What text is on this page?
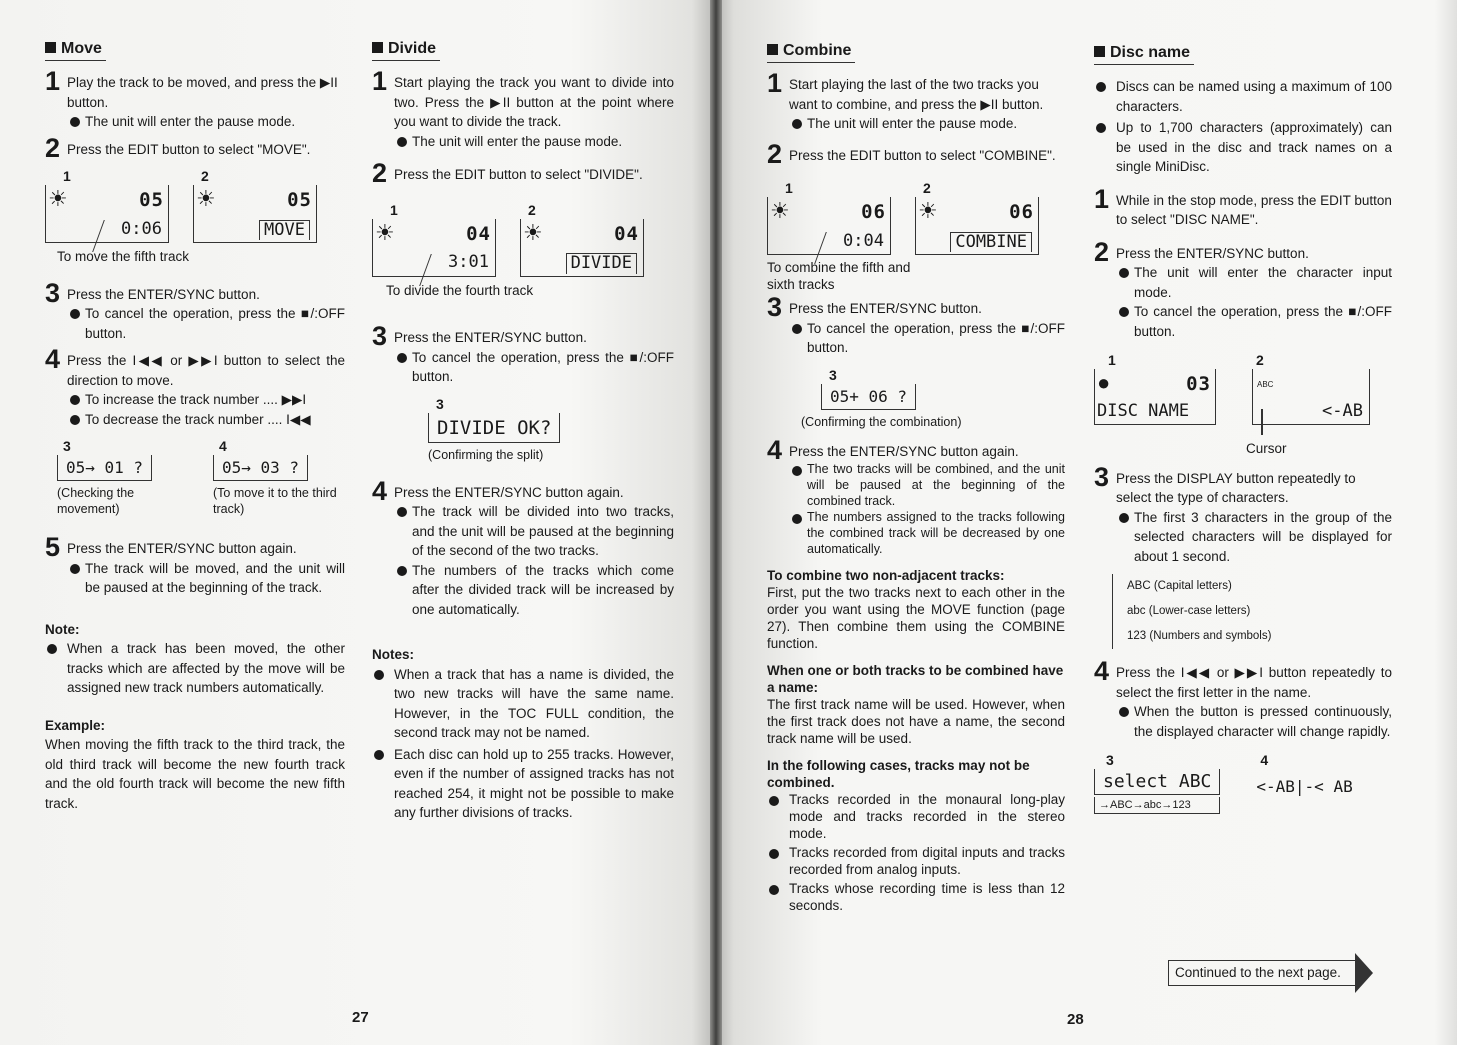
Move
1 Play the track to be moved, and press the ▶II button.
The unit will enter the pause mode.
2 Press the EDIT button to select "MOVE".
1
☀	05
0:06
2
☀	05
MOVE
To move the fifth track
3 Press the ENTER/SYNC button.
To cancel the operation, press the ■/:OFF button.
4 Press the I◀◀ or ▶▶I button to select the direction to move.
To increase the track number .... ▶▶I
To decrease the track number .... I◀◀
3
05→ 01 ?
(Checking the movement)
4
05→ 03 ?
(To move it to the third track)
5 Press the ENTER/SYNC button again.
The track will be moved, and the unit will be paused at the beginning of the track.
Note:
When a track has been moved, the other tracks which are affected by the move will be assigned new track numbers automatically.
Example:
When moving the fifth track to the third track, the old third track will become the new fourth track and the old fourth track will become the new fifth track.
Divide
1 Start playing the track you want to divide into two. Press the ▶II button at the point where you want to divide the track.
The unit will enter the pause mode.
2 Press the EDIT button to select "DIVIDE".
1
☀	04
3:01
2
☀	04
DIVIDE
To divide the fourth track
3 Press the ENTER/SYNC button.
To cancel the operation, press the ■/:OFF button.
3
DIVIDE OK?
(Confirming the split)
4 Press the ENTER/SYNC button again.
The track will be divided into two tracks, and the unit will be paused at the beginning of the second of the two tracks.
The numbers of the tracks which come after the divided track will be increased by one automatically.
Notes:
When a track that has a name is divided, the two new tracks will have the same name. However, in the TOC FULL condition, the second track may not be named.
Each disc can hold up to 255 tracks. However, even if the number of assigned tracks has not reached 254, it might not be possible to make any further divisions of tracks.
27
Combine
1 Start playing the last of the two tracks you want to combine, and press the ▶II button.
The unit will enter the pause mode.
2 Press the EDIT button to select "COMBINE".
1
☀	06
0:04
2
☀	06
COMBINE
To combine the fifth and sixth tracks
3 Press the ENTER/SYNC button.
To cancel the operation, press the ■/:OFF button.
3
05+ 06 ?
(Confirming the combination)
4 Press the ENTER/SYNC button again.
The two tracks will be combined, and the unit will be paused at the beginning of the combined track.
The numbers assigned to the tracks following the combined track will be decreased by one automatically.
To combine two non-adjacent tracks:
First, put the two tracks next to each other in the order you want using the MOVE function (page 27). Then combine them using the COMBINE function.
When one or both tracks to be combined have a name:
The first track name will be used. However, when the first track does not have a name, the second track name will be used.
In the following cases, tracks may not be combined.
Tracks recorded in the monaural long-play mode and tracks recorded in the stereo mode.
Tracks recorded from digital inputs and tracks recorded from analog inputs.
Tracks whose recording time is less than 12 seconds.
Disc name
Discs can be named using a maximum of 100 characters.
Up to 1,700 characters (approximately) can be used in the disc and track names on a single MiniDisc.
1 While in the stop mode, press the EDIT button to select "DISC NAME".
2 Press the ENTER/SYNC button.
The unit will enter the character input mode.
To cancel the operation, press the ■/:OFF button.
1
●	03
DISC NAME
2
ABC
<-AB
Cursor
3 Press the DISPLAY button repeatedly to select the type of characters.
The first 3 characters in the group of the selected characters will be displayed for about 1 second.
ABC (Capital letters)
abc (Lower-case letters)
123 (Numbers and symbols)
4 Press the I◀◀ or ▶▶I button repeatedly to select the first letter in the name.
When the button is pressed continuously, the displayed character will change rapidly.
3
select ABC
→ABC→abc→123
4
<-AB|-< AB
Continued to the next page.
28
